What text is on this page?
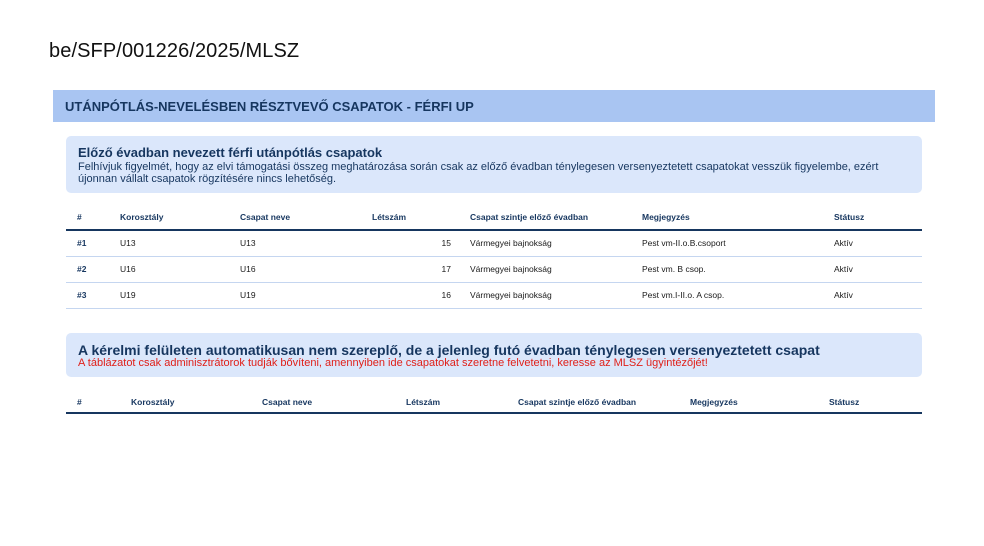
be/SFP/001226/2025/MLSZ
UTÁNPÓTLÁS-NEVELÉSBEN RÉSZTVEVŐ CSAPATOK - FÉRFI UP
Előző évadban nevezett férfi utánpótlás csapatok
Felhívjuk figyelmét, hogy az elvi támogatási összeg meghatározása során csak az előző évadban ténylegesen versenyeztetett csapatokat vesszük figyelembe, ezért újonnan vállalt csapatok rögzítésére nincs lehetőség.
#	Korosztály	Csapat neve	Létszám	Csapat szintje előző évadban	Megjegyzés	Státusz
#1	U13	U13	15	Vármegyei bajnokság	Pest vm-II.o.B.csoport	Aktív
#2	U16	U16	17	Vármegyei bajnokság	Pest vm. B csop.	Aktív
#3	U19	U19	16	Vármegyei bajnokság	Pest vm.I-II.o. A csop.	Aktív
A kérelmi felületen automatikusan nem szereplő, de a jelenleg futó évadban ténylegesen versenyeztetett csapat
A táblázatot csak adminisztrátorok tudják bővíteni, amennyiben ide csapatokat szeretne felvetetni, keresse az MLSZ ügyintézőjét!
#	Korosztály	Csapat neve	Létszám	Csapat szintje előző évadban	Megjegyzés	Státusz
